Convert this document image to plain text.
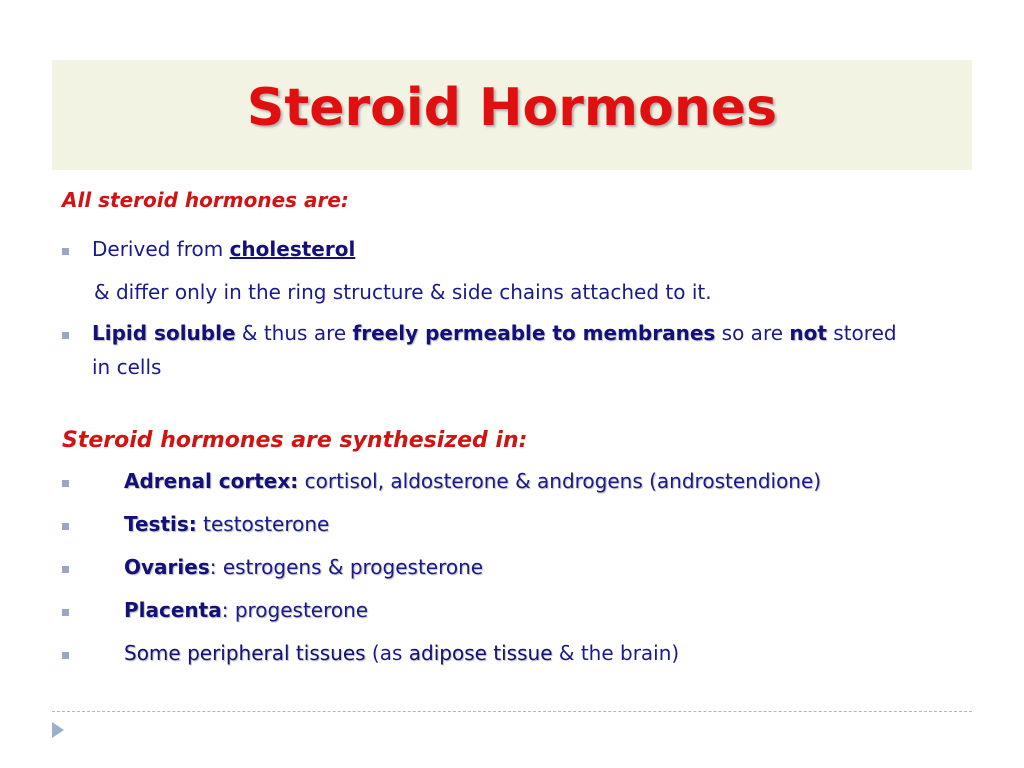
Steroid Hormones
All steroid hormones are:
Derived from cholesterol
& differ only in the ring structure & side chains attached to it.
Lipid soluble & thus are freely permeable to membranes so are not stored
in cells
Steroid hormones are synthesized in:
Adrenal cortex: cortisol, aldosterone & androgens (androstendione)
Testis: testosterone
Ovaries: estrogens & progesterone
Placenta: progesterone
Some peripheral tissues (as adipose tissue & the brain)
